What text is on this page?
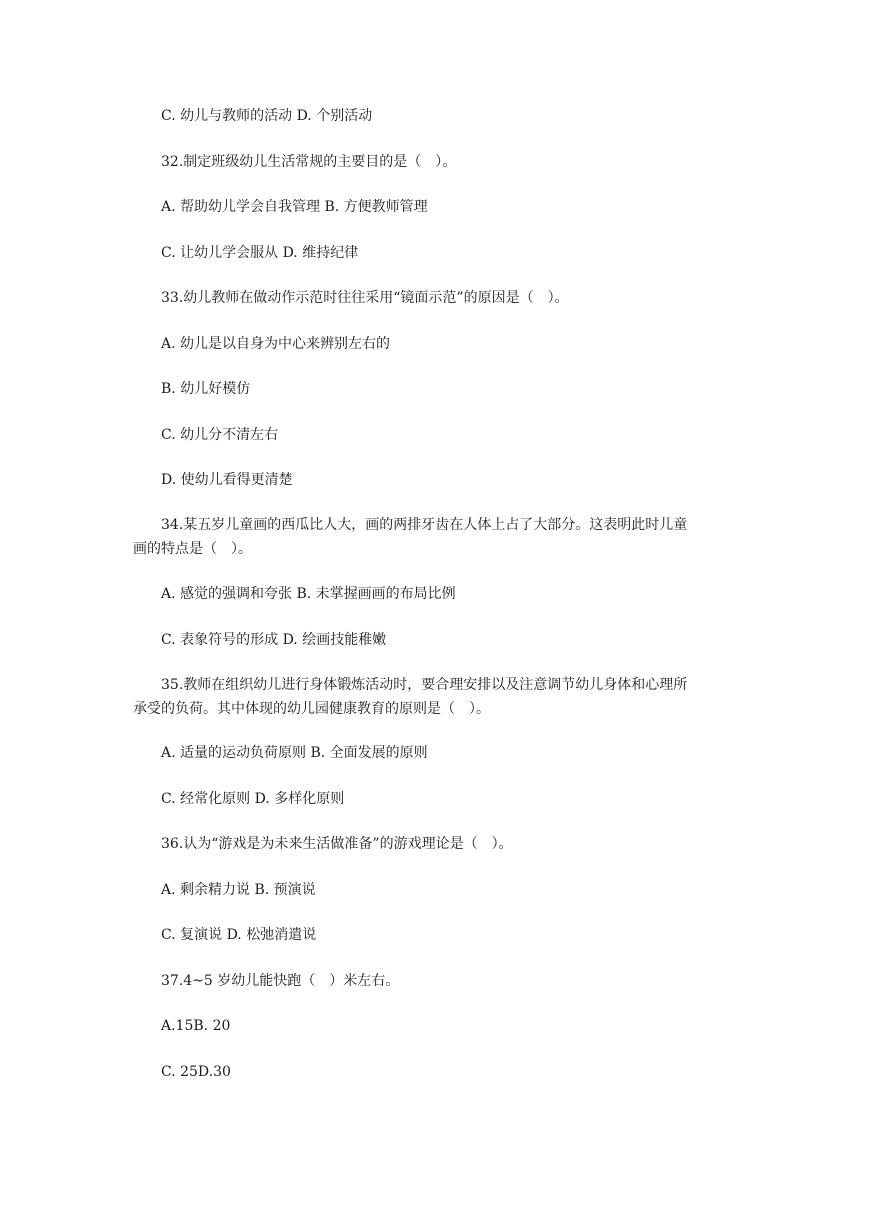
C. 幼儿与教师的活动 D. 个别活动
32.制定班级幼儿生活常规的主要目的是（　）。
A. 帮助幼儿学会自我管理 B. 方便教师管理
C. 让幼儿学会服从 D. 维持纪律
33.幼儿教师在做动作示范时往往采用“镜面示范”的原因是（　）。
A. 幼儿是以自身为中心来辨别左右的
B. 幼儿好模仿
C. 幼儿分不清左右
D. 使幼儿看得更清楚
34.某五岁儿童画的西瓜比人大，画的两排牙齿在人体上占了大部分。这表明此时儿童
画的特点是（　）。
A. 感觉的强调和夸张 B. 未掌握画画的布局比例
C. 表象符号的形成 D. 绘画技能稚嫩
35.教师在组织幼儿进行身体锻炼活动时，要合理安排以及注意调节幼儿身体和心理所
承受的负荷。其中体现的幼儿园健康教育的原则是（　）。
A. 适量的运动负荷原则 B. 全面发展的原则
C. 经常化原则 D. 多样化原则
36.认为“游戏是为未来生活做准备”的游戏理论是（　）。
A. 剩余精力说 B. 预演说
C. 复演说 D. 松弛消遣说
37.4~5 岁幼儿能快跑（　）米左右。
A.15B. 20
C. 25D.30
